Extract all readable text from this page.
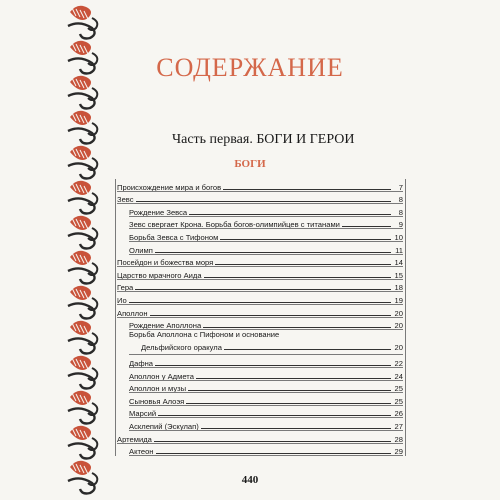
СОДЕРЖАНИЕ
Часть первая. БОГИ И ГЕРОИ
БОГИ
Происхождение мира и богов	7
Зевс	8
Рождение Зевса	8
Зевс свергает Крона. Борьба богов-олимпийцев с титанами	9
Борьба Зевса с Тифоном	10
Олимп	11
Посейдон и божества моря	14
Царство мрачного Аида	15
Гера	18
Ио	19
Аполлон	20
Рождение Аполлона	20
Борьба Аполлона с Пифоном и основание
Дельфийского оракула	20
Дафна	22
Аполлон у Адмета	24
Аполлон и музы	25
Сыновья Алоэя	25
Марсий	26
Асклепий (Эскулап)	27
Артемида	28
Актеон	29
440
